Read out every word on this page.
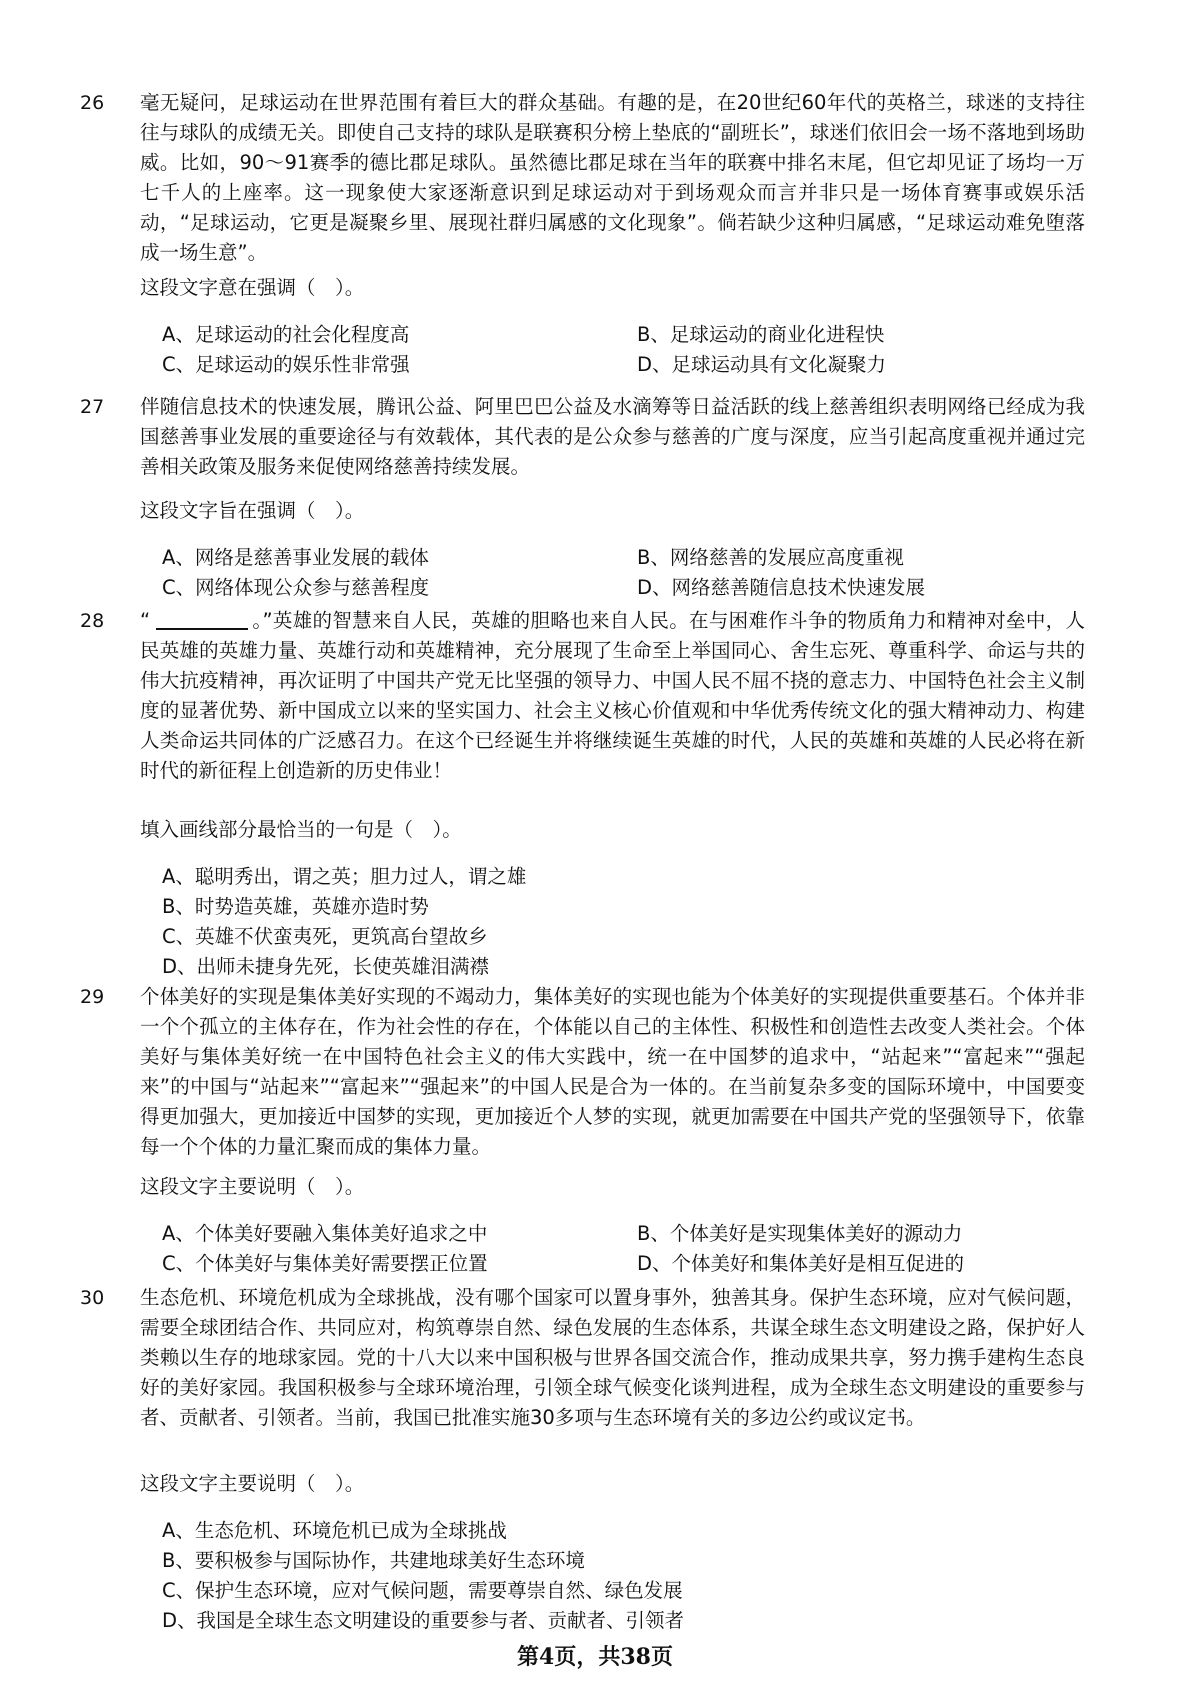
26 毫无疑问，足球运动在世界范围有着巨大的群众基础。有趣的是，在20世纪60年代的英格兰，球迷的支持往往与球队的成绩无关。即使自己支持的球队是联赛积分榜上垫底的“副班长”，球迷们依旧会一场不落地到场助威。比如，90～91赛季的德比郡足球队。虽然德比郡足球在当年的联赛中排名末尾，但它却见证了场均一万七千人的上座率。这一现象使大家逐渐意识到足球运动对于到场观众而言并非只是一场体育赛事或娱乐活动，“足球运动，它更是凝聚乡里、展现社群归属感的文化现象”。倘若缺少这种归属感，“足球运动难免堕落成一场生意”。
这段文字意在强调（　）。
A、足球运动的社会化程度高	B、足球运动的商业化进程快
C、足球运动的娱乐性非常强	D、足球运动具有文化凝聚力
27 伴随信息技术的快速发展，腾讯公益、阿里巴巴公益及水滴筹等日益活跃的线上慈善组织表明网络已经成为我国慈善事业发展的重要途径与有效载体，其代表的是公众参与慈善的广度与深度，应当引起高度重视并通过完善相关政策及服务来促使网络慈善持续发展。
这段文字旨在强调（　）。
A、网络是慈善事业发展的载体	B、网络慈善的发展应高度重视
C、网络体现公众参与慈善程度	D、网络慈善随信息技术快速发展
28 “	。”英雄的智慧来自人民，英雄的胆略也来自人民。在与困难作斗争的物质角力和精神对垒中，人民英雄的英雄力量、英雄行动和英雄精神，充分展现了生命至上举国同心、舍生忘死、尊重科学、命运与共的伟大抗疫精神，再次证明了中国共产党无比坚强的领导力、中国人民不屈不挠的意志力、中国特色社会主义制度的显著优势、新中国成立以来的坚实国力、社会主义核心价值观和中华优秀传统文化的强大精神动力、构建人类命运共同体的广泛感召力。在这个已经诞生并将继续诞生英雄的时代，人民的英雄和英雄的人民必将在新时代的新征程上创造新的历史伟业！
填入画线部分最恰当的一句是（　）。
A、聪明秀出，谓之英；胆力过人，谓之雄
B、时势造英雄，英雄亦造时势
C、英雄不伏蛮夷死，更筑高台望故乡
D、出师未捷身先死，长使英雄泪满襟
29 个体美好的实现是集体美好实现的不竭动力，集体美好的实现也能为个体美好的实现提供重要基石。个体并非一个个孤立的主体存在，作为社会性的存在，个体能以自己的主体性、积极性和创造性去改变人类社会。个体美好与集体美好统一在中国特色社会主义的伟大实践中，统一在中国梦的追求中，“站起来”“富起来”“强起来”的中国与“站起来”“富起来”“强起来”的中国人民是合为一体的。在当前复杂多变的国际环境中，中国要变得更加强大，更加接近中国梦的实现，更加接近个人梦的实现，就更加需要在中国共产党的坚强领导下，依靠每一个个体的力量汇聚而成的集体力量。
这段文字主要说明（　）。
A、个体美好要融入集体美好追求之中	B、个体美好是实现集体美好的源动力
C、个体美好与集体美好需要摆正位置	D、个体美好和集体美好是相互促进的
30 生态危机、环境危机成为全球挑战，没有哪个国家可以置身事外，独善其身。保护生态环境，应对气候问题，需要全球团结合作、共同应对，构筑尊崇自然、绿色发展的生态体系，共谋全球生态文明建设之路，保护好人类赖以生存的地球家园。党的十八大以来中国积极与世界各国交流合作，推动成果共享，努力携手建构生态良好的美好家园。我国积极参与全球环境治理，引领全球气候变化谈判进程，成为全球生态文明建设的重要参与者、贡献者、引领者。当前，我国已批准实施30多项与生态环境有关的多边公约或议定书。
这段文字主要说明（　）。
A、生态危机、环境危机已成为全球挑战
B、要积极参与国际协作，共建地球美好生态环境
C、保护生态环境，应对气候问题，需要尊崇自然、绿色发展
D、我国是全球生态文明建设的重要参与者、贡献者、引领者
第4页，共38页
